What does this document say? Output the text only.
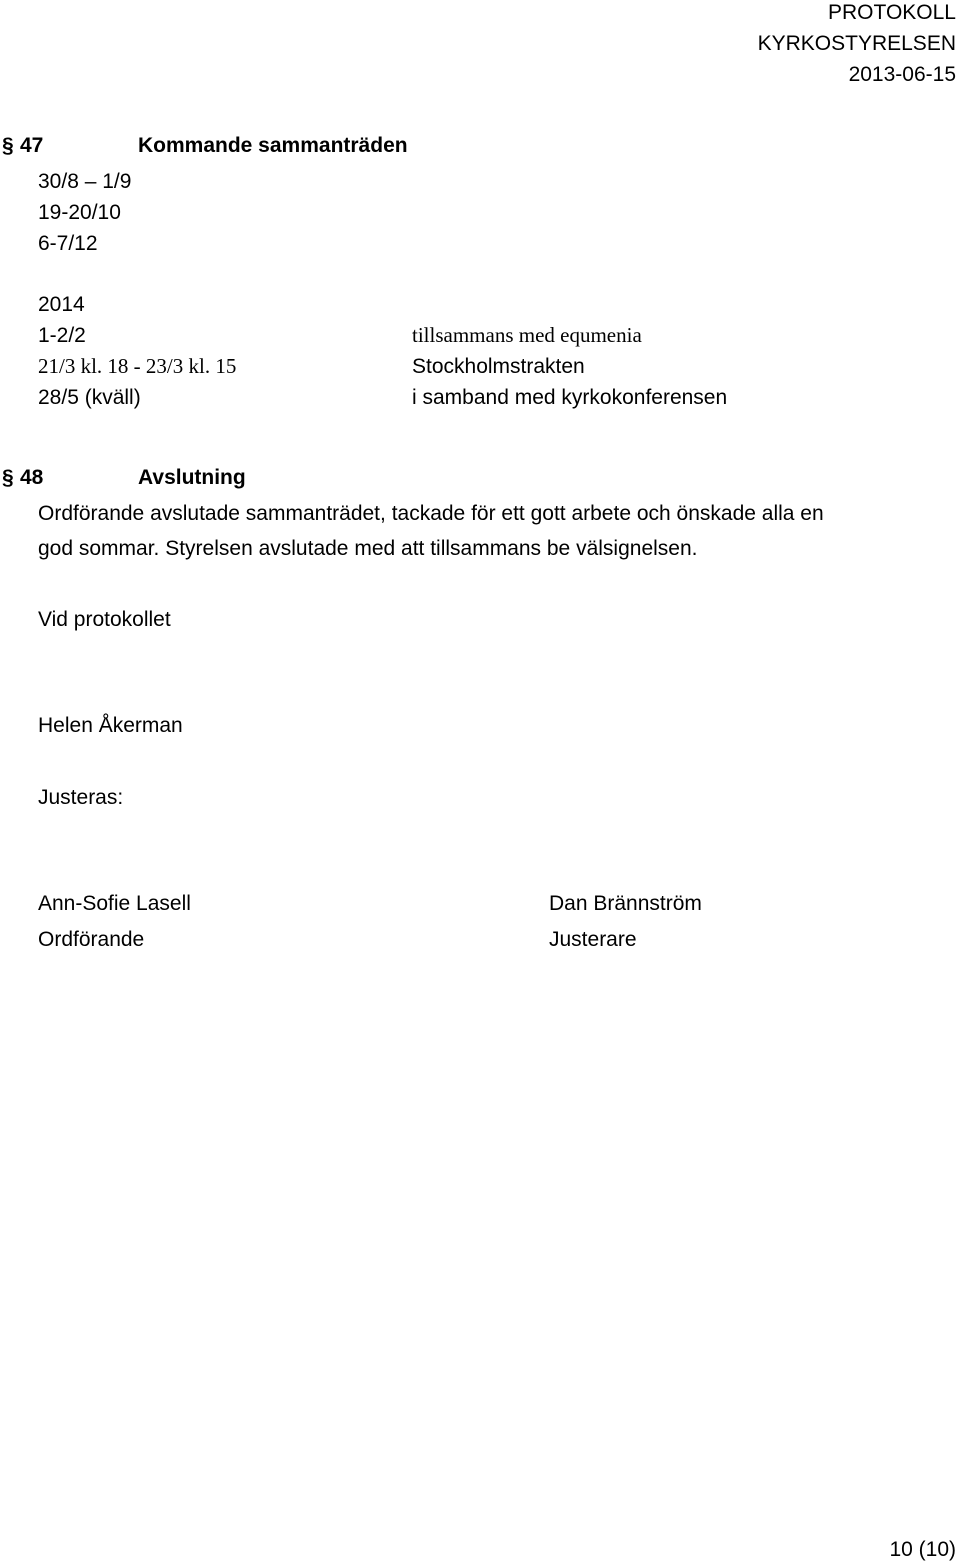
PROTOKOLL
KYRKOSTYRELSEN
2013-06-15
§ 47	Kommande sammanträden
30/8 – 1/9
19-20/10
6-7/12
2014
1-2/2	tillsammans med equmenia
21/3 kl. 18 - 23/3 kl. 15	Stockholmstrakten
28/5 (kväll)	i samband med kyrkokonferensen
§ 48	Avslutning
Ordförande avslutade sammanträdet, tackade för ett gott arbete och önskade alla en
god sommar. Styrelsen avslutade med att tillsammans be välsignelsen.
Vid protokollet
Helen Åkerman
Justeras:
Ann-Sofie Lasell	Dan Brännström
Ordförande	Justerare
10 (10)
